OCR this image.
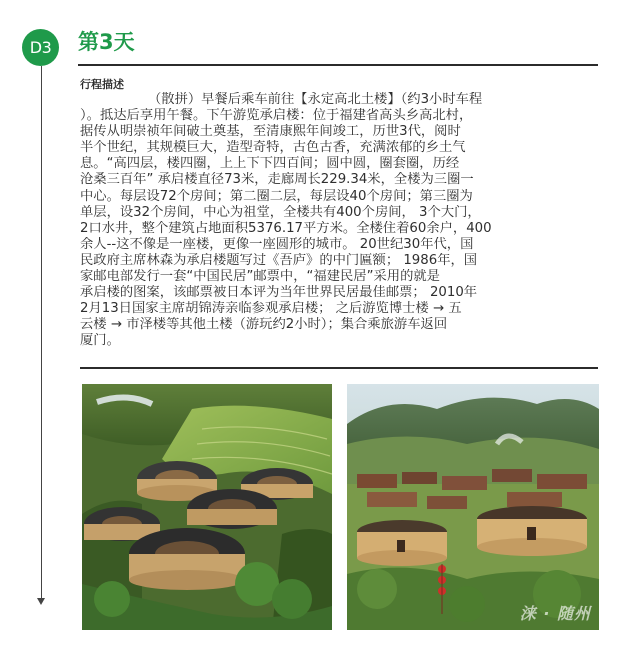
D3	第3天
行程描述
（散拼）早餐后乘车前往【永定高北土楼】（约3小时车程
）。抵达后享用午餐。下午游览承启楼：位于福建省高头乡高北村，
据传从明崇祯年间破土奠基，至清康熙年间竣工，历世3代，阅时
半个世纪，其规模巨大，造型奇特，古色古香，充满浓郁的乡土气
息。“高四层，楼四圈，上上下下四百间；圆中圆，圈套圈，历经
沧桑三百年” 承启楼直径73米，走廊周长229.34米，全楼为三圈一
中心。每层设72个房间；第二圈二层，每层设40个房间；第三圈为
单层，设32个房间，中心为祖堂，全楼共有400个房间， 3个大门，
2口水井，整个建筑占地面积5376.17平方米。全楼住着60余户，400
余人--这不像是一座楼，更像一座圆形的城市。 20世纪30年代，国
民政府主席林森为承启楼题写过《吾庐》的中门匾额； 1986年，国
家邮电部发行一套“中国民居”邮票中，“福建民居”采用的就是
承启楼的图案，该邮票被日本评为当年世界民居最佳邮票； 2010年
2月13日国家主席胡锦涛亲临参观承启楼； 之后游览博士楼 → 五
云楼 → 市泽楼等其他土楼（游玩约2小时）；集合乘旅游车返回
厦门。
涞 · 随州
